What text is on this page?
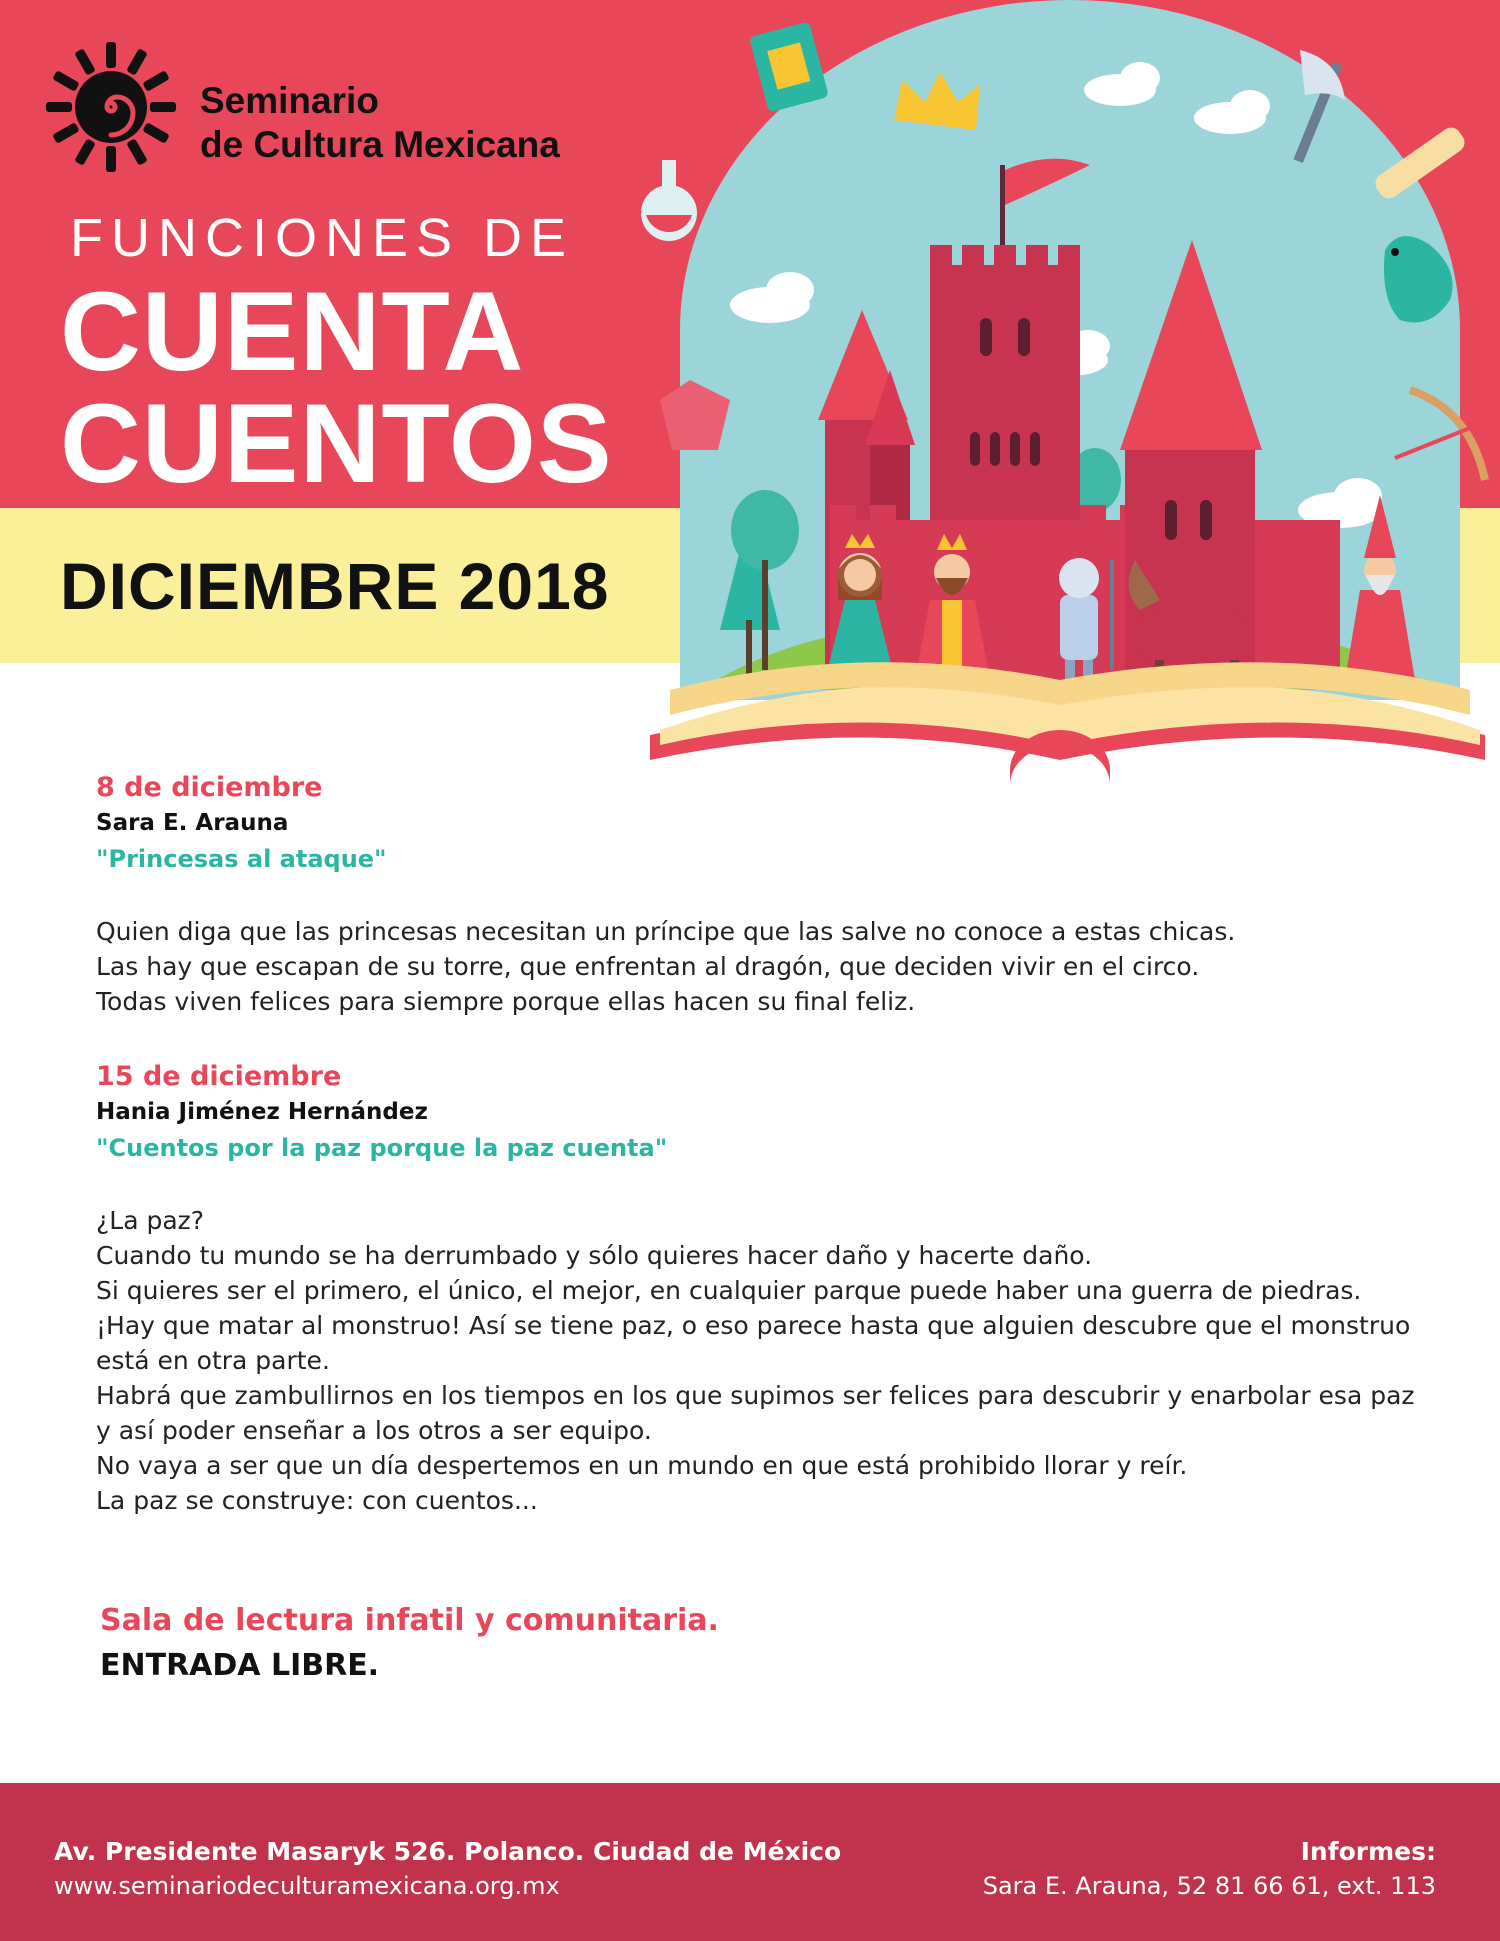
Seminario
de Cultura Mexicana
FUNCIONES DE
CUENTA
CUENTOS
DICIEMBRE 2018
8 de diciembre
Sara E. Arauna
"Princesas al ataque"
Quien diga que las princesas necesitan un príncipe que las salve no conoce a estas chicas.
Las hay que escapan de su torre, que enfrentan al dragón, que deciden vivir en el circo.
Todas viven felices para siempre porque ellas hacen su final feliz.
15 de diciembre
Hania Jiménez Hernández
"Cuentos por la paz porque la paz cuenta"
¿La paz?
Cuando tu mundo se ha derrumbado y sólo quieres hacer daño y hacerte daño.
Si quieres ser el primero, el único, el mejor, en cualquier parque puede haber una guerra de piedras.
¡Hay que matar al monstruo! Así se tiene paz, o eso parece hasta que alguien descubre que el monstruo está en otra parte.
Habrá que zambullirnos en los tiempos en los que supimos ser felices para descubrir y enarbolar esa paz y así poder enseñar a los otros a ser equipo.
No vaya a ser que un día despertemos en un mundo en que está prohibido llorar y reír.
La paz se construye: con cuentos...
Sala de lectura infatil y comunitaria.
ENTRADA LIBRE.
Av. Presidente Masaryk 526. Polanco. Ciudad de México
www.seminariodeculturamexicana.org.mx
Informes:
Sara E. Arauna, 52 81 66 61, ext. 113
